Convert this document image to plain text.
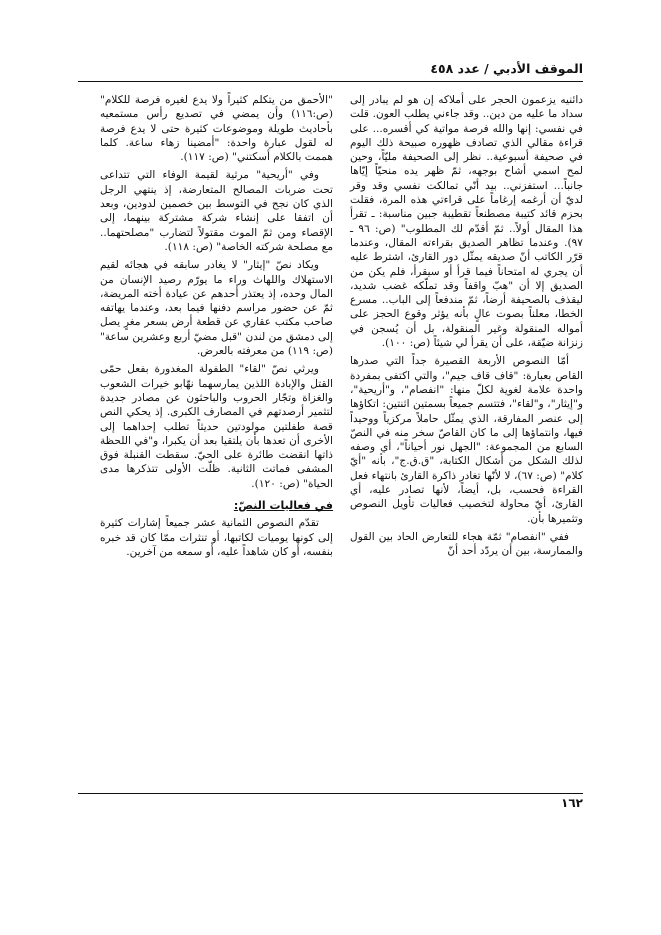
الموقف الأدبي / عدد ٤٥٨

دائنيه يزعمون الحجر على أملاكه إن هو لم يبادر إلى سداد ما عليه من دين.. وقد جاءني يطلب العون. قلت في نفسي: إنها والله فرصة مواتية كي أقسره... على قراءة مقالي الذي تصادف ظهوره صبيحة ذلك اليوم في صحيفة أسبوعية.. نظر إلى الصحيفة مليّاً، وحين لمح اسمي أشاح بوجهه، ثمّ ظهر يده منحيّاً إيّاها جانباً... استفزني.. بيد أنّي تمالكت نفسي وقد وقر لديّ أن أرغمه إرغاماً على قراءتي هذه المرة، فقلت بحزم قائد كتيبة مصطنعاً تقطيبة جبين مناسبة: ـ تقرأ هذا المقال أولاً.. ثمّ أقدّم لك المطلوب" (ص: ٩٦ ـ ٩٧). وعندما تظاهر الصديق بقراءته المقال، وعندما قرّر الكاتب أنّ صديقه يمثّل دور القارئ، اشترط عليه أن يجري له امتحاناً فيما قرأ أو سيقرأ، فلم يكن من الصديق إلا أن "هبّ واقفاً وقد تملّكه غضب شديد، ليقذف بالصحيفة أرضاً، ثمّ مندفعاً إلى الباب.. مسرع الخطا، معلناً بصوت عالٍ بأنه يؤثر وقوع الحجز على أمواله المنقولة وغير المنقولة، بل أن يُسجن في زنزانة ضيّقة، على أن يقرأ لي شيئاً (ص: ١٠٠).

أمّا النصوص الأربعة القصيرة جداً التي صدرها القاص بعبارة: "قاف قاف جيم"، والتي اكتفى بمفردة واحدة علامة لغوية لكلّ منها: "انفصام"، و"أريحية"، و"إيثار"، و"لقاء"، فتتسم جميعاً بسمتين اثنتين: اتكاؤها إلى عنصر المفارقة، الذي يمثّل حاملاً مركزياً ووحيداً فيها، وانتماؤها إلى ما كان القاصّ سخر منه في النصّ السابع من المجموعة: "الجهل نور أحياناً"، أي وصفه لذلك الشكل من أشكال الكتابة، "ق.ق.ج"، بأنه "أيّ كلام" (ص: ٦٧)، لا لأنّها تغادر ذاكرة القارئ بانتهاء فعل القراءة فحسب، بل، أيضاً، لأنها تصادر عليه، أي القارئ، أيّ محاولة لتخصيب فعاليات تأويل النصوص وتثميرها بأن.

ففي "انفصام" ثمّة هجاء للتعارض الحاد بين القول والممارسة، بين أن يردّد أحد أنّ

"الأحمق من يتكلم كثيراً ولا يدع لغيره فرصة للكلام" (ص:١١٦) وأن يمضي في تصديع رأس مستمعيه بأحاديث طويلة وموضوعات كثيرة حتى لا يدع فرصة له لقول عبارة واحدة: "أمضينا زهاء ساعة. كلما هممت بالكلام أسكتني" (ص: ١١٧).

وفي "أريحية" مرثية لقيمة الوفاء التي تتداعى تحت ضربات المصالح المتعارضة، إذ ينتهي الرجل الذي كان نجح في التوسط بين خصمين لدودين، وبعد أن اتفقا على إنشاء شركة مشتركة بينهما، إلى الإقصاء ومن ثمّ الموت مقتولاً لتضارب "مصلحتهما.. مع مصلحة شركته الخاصة" (ص: ١١٨).

ويكاد نصّ "إيثار" لا يغادر سابقه في هجائه لقيم الاستهلاك واللهاث وراء ما يورّم رصيد الإنسان من المال وحده، إذ يعتذر أحدهم عن عيادة أخته المريضة، ثمّ عن حضور مراسم دفنها فيما بعد، وعندما يهاتفه صاحب مكتب عقاري عن قطعة أرض بسعر مغرٍ يصل إلى دمشق من لندن "قبل مضيّ أربع وعشرين ساعة" (ص: ١١٩) من معرفته بالعرض.

ويرثي نصّ "لقاء" الطفولة المغدورة بفعل حمّى القتل والإبادة اللذين يمارسهما نهّابو خيرات الشعوب والغزاة وتجّار الحروب والباحثون عن مصادر جديدة لتثمير أرصدتهم في المصارف الكبرى. إذ يحكي النص قصة طفلتين مولودتين حديثاً تطلب إحداهما إلى الأخرى أن تعدها بأن يلتقيا بعد أن يكبرا، و"في اللحظة ذاتها انقضت طائرة على الحيّ. سقطت القنبلة فوق المشفى فماتت الثانية. ظلّت الأولى تتذكرها مدى الحياة" (ص: ١٢٠).

في فعاليات النصّ:

تقدّم النصوص الثمانية عشر جميعاً إشارات كثيرة إلى كونها يوميات لكاتبها، أو تنثرات ممّا كان قد خبره بنفسه، أو كان شاهداً عليه، أو سمعه من آخرين.

١٦٢
